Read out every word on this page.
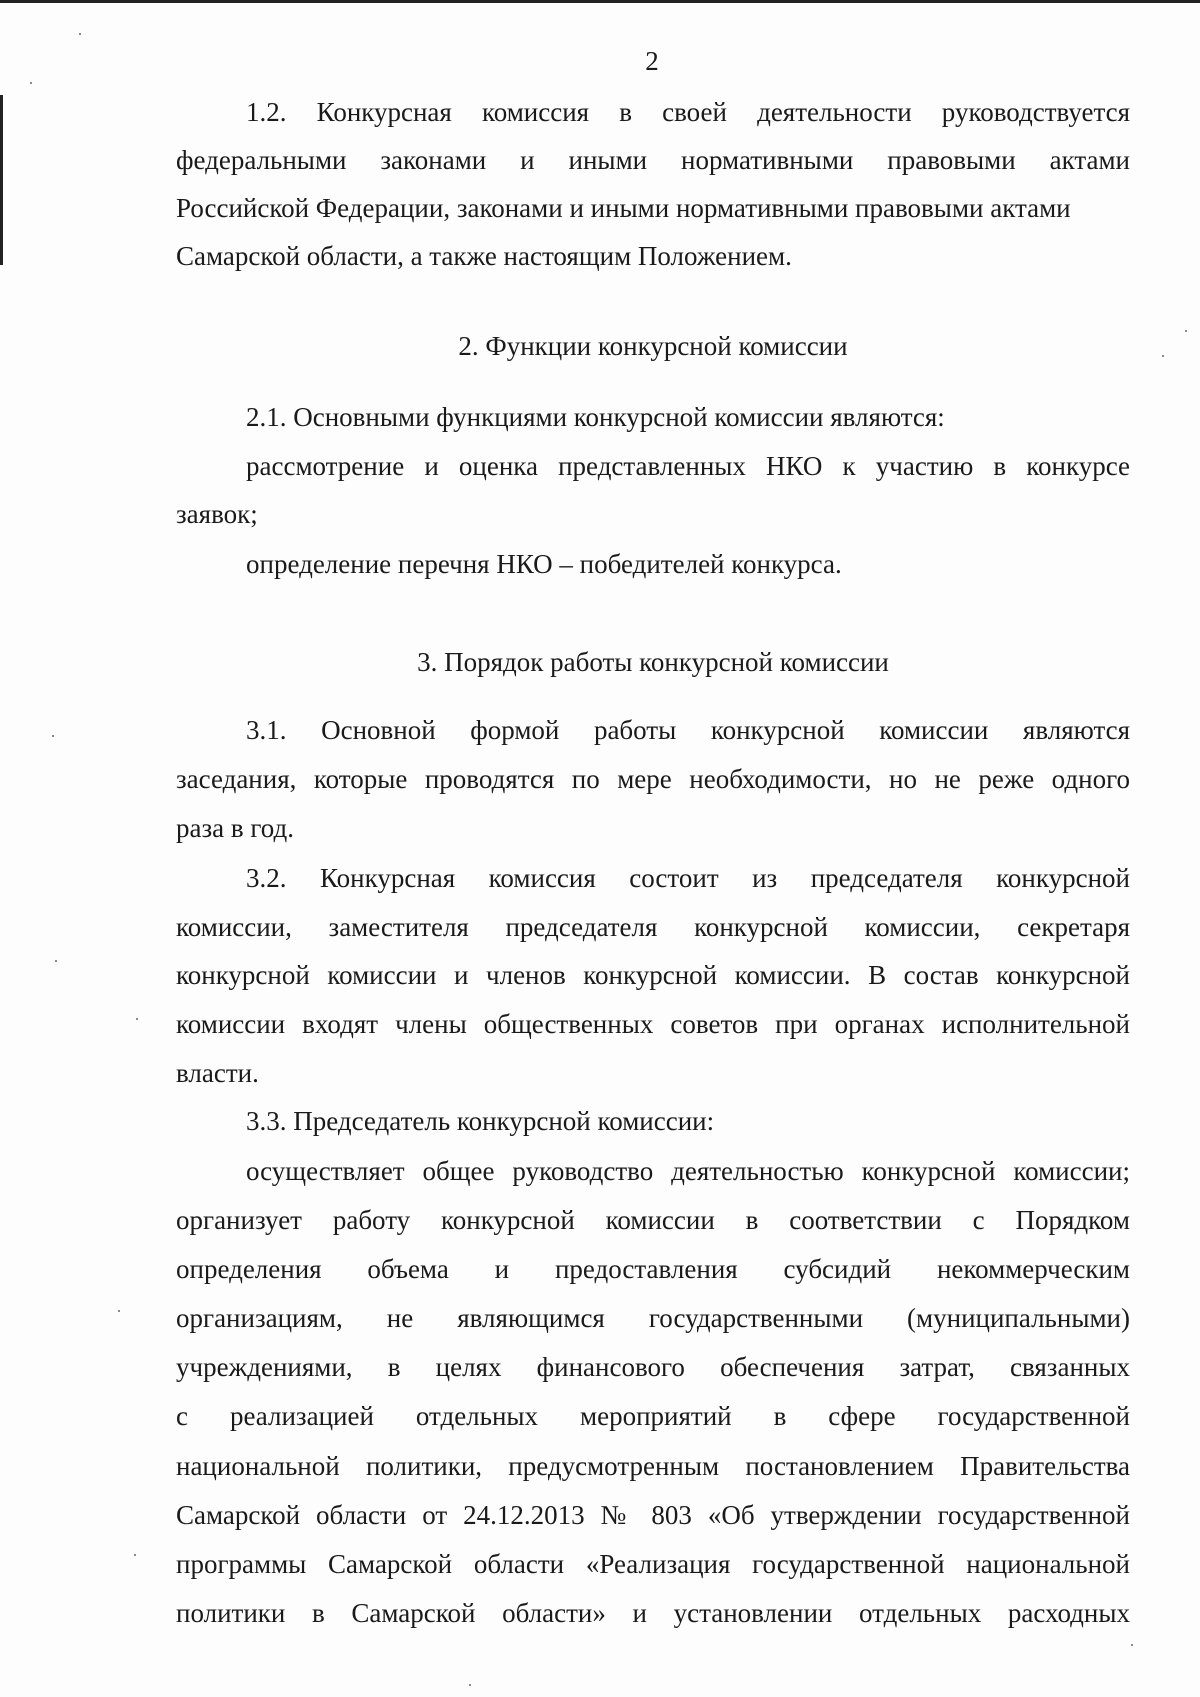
2
1.2. Конкурсная комиссия в своей деятельности руководствуется
федеральными законами и иными нормативными правовыми актами
Российской Федерации, законами и иными нормативными правовыми актами
Самарской области, а также настоящим Положением.
2. Функции конкурсной комиссии
2.1. Основными функциями конкурсной комиссии являются:
рассмотрение и оценка представленных НКО к участию в конкурсе
заявок;
определение перечня НКО – победителей конкурса.
3. Порядок работы конкурсной комиссии
3.1. Основной формой работы конкурсной комиссии являются
заседания, которые проводятся по мере необходимости, но не реже одного
раза в год.
3.2. Конкурсная комиссия состоит из председателя конкурсной
комиссии, заместителя председателя конкурсной комиссии, секретаря
конкурсной комиссии и членов конкурсной комиссии. В состав конкурсной
комиссии входят члены общественных советов при органах исполнительной
власти.
3.3. Председатель конкурсной комиссии:
осуществляет общее руководство деятельностью конкурсной комиссии;
организует работу конкурсной комиссии в соответствии с Порядком
определения объема и предоставления субсидий некоммерческим
организациям, не являющимся государственными (муниципальными)
учреждениями, в целях финансового обеспечения затрат, связанных
с реализацией отдельных мероприятий в сфере государственной
национальной политики, предусмотренным постановлением Правительства
Самарской области от 24.12.2013 № 803 «Об утверждении государственной
программы Самарской области «Реализация государственной национальной
политики в Самарской области» и установлении отдельных расходных
